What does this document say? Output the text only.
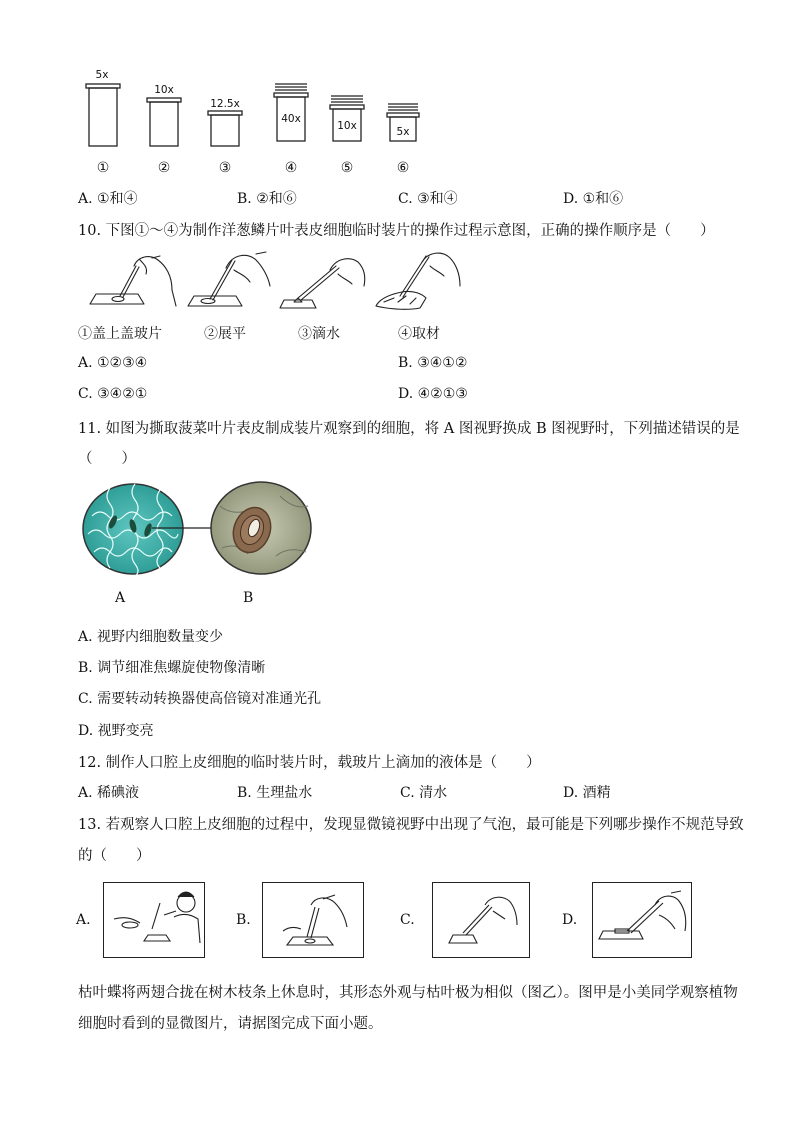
5x
10x
12.5x
40x
10x	5x
①	②	③	④	⑤	⑥
A. ①和④	B. ②和⑥	C. ③和④	D. ①和⑥
10. 下图①～④为制作洋葱鳞片叶表皮细胞临时装片的操作过程示意图，正确的操作顺序是（　　）
①盖上盖玻片	②展平	③滴水	④取材
A. ①②③④	B. ③④①②
C. ③④②①	D. ④②①③
11. 如图为撕取菠菜叶片表皮制成装片观察到的细胞，将 A 图视野换成 B 图视野时，下列描述错误的是
（　　）
A	B
A. 视野内细胞数量变少
B. 调节细准焦螺旋使物像清晰
C. 需要转动转换器使高倍镜对准通光孔
D. 视野变亮
12. 制作人口腔上皮细胞的临时装片时，载玻片上滴加的液体是（　　）
A. 稀碘液	B. 生理盐水	C. 清水	D. 酒精
13. 若观察人口腔上皮细胞的过程中，发现显微镜视野中出现了气泡，最可能是下列哪步操作不规范导致
的（　　）
A.	B.	C.	D.
枯叶蝶将两翅合拢在树木枝条上休息时，其形态外观与枯叶极为相似（图乙）。图甲是小美同学观察植物
细胞时看到的显微图片，请据图完成下面小题。
